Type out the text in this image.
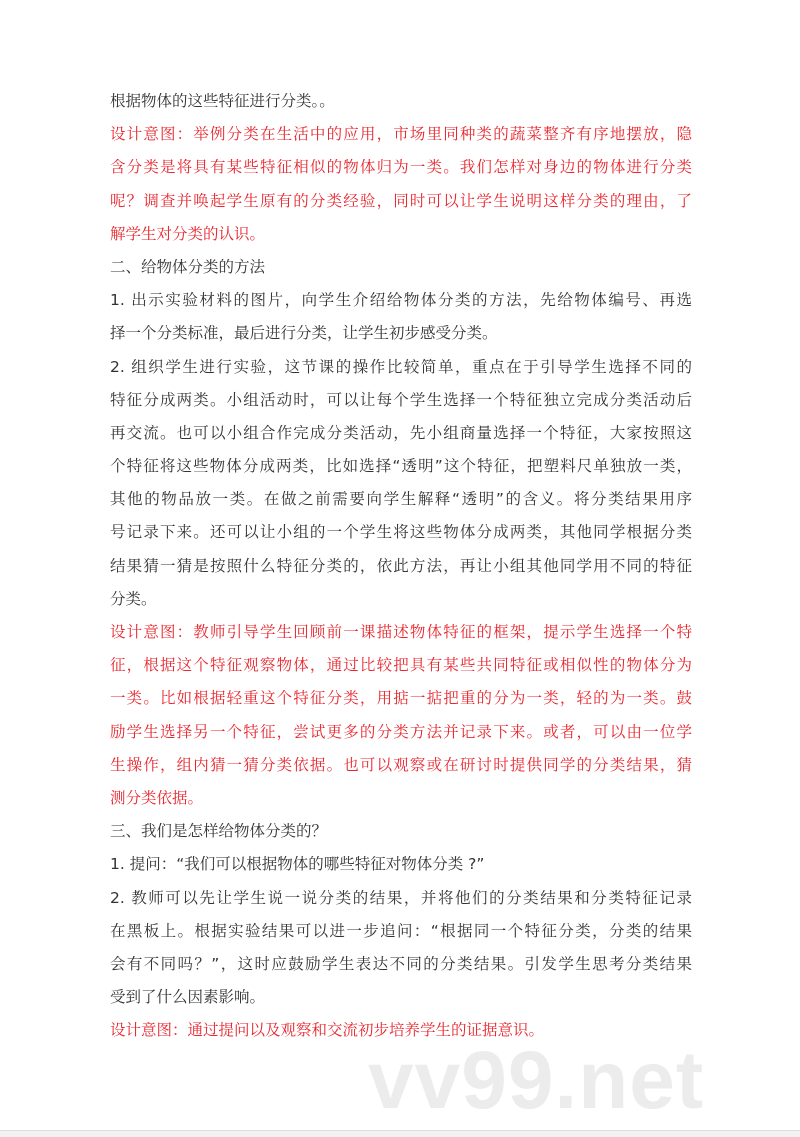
根据物体的这些特征进行分类。。
设计意图：举例分类在生活中的应用，市场里同种类的蔬菜整齐有序地摆放，隐
含分类是将具有某些特征相似的物体归为一类。我们怎样对身边的物体进行分类
呢？调查并唤起学生原有的分类经验，同时可以让学生说明这样分类的理由，了
解学生对分类的认识。
二、给物体分类的方法
1. 出示实验材料的图片，向学生介绍给物体分类的方法，先给物体编号、再选
择一个分类标准，最后进行分类，让学生初步感受分类。
2. 组织学生进行实验，这节课的操作比较简单，重点在于引导学生选择不同的
特征分成两类。小组活动时，可以让每个学生选择一个特征独立完成分类活动后
再交流。也可以小组合作完成分类活动，先小组商量选择一个特征，大家按照这
个特征将这些物体分成两类，比如选择“透明”这个特征，把塑料尺单独放一类，
其他的物品放一类。在做之前需要向学生解释“透明”的含义。将分类结果用序
号记录下来。还可以让小组的一个学生将这些物体分成两类，其他同学根据分类
结果猜一猜是按照什么特征分类的，依此方法，再让小组其他同学用不同的特征
分类。
设计意图：教师引导学生回顾前一课描述物体特征的框架，提示学生选择一个特
征，根据这个特征观察物体，通过比较把具有某些共同特征或相似性的物体分为
一类。比如根据轻重这个特征分类，用掂一掂把重的分为一类，轻的为一类。鼓
励学生选择另一个特征，尝试更多的分类方法并记录下来。或者，可以由一位学
生操作，组内猜一猜分类依据。也可以观察或在研讨时提供同学的分类结果，猜
测分类依据。
三、我们是怎样给物体分类的？
1. 提问：“我们可以根据物体的哪些特征对物体分类 ?”
2. 教师可以先让学生说一说分类的结果，并将他们的分类结果和分类特征记录
在黑板上。根据实验结果可以进一步追问：“根据同一个特征分类，分类的结果
会有不同吗？”，这时应鼓励学生表达不同的分类结果。引发学生思考分类结果
受到了什么因素影响。
设计意图：通过提问以及观察和交流初步培养学生的证据意识。
vv99.net
